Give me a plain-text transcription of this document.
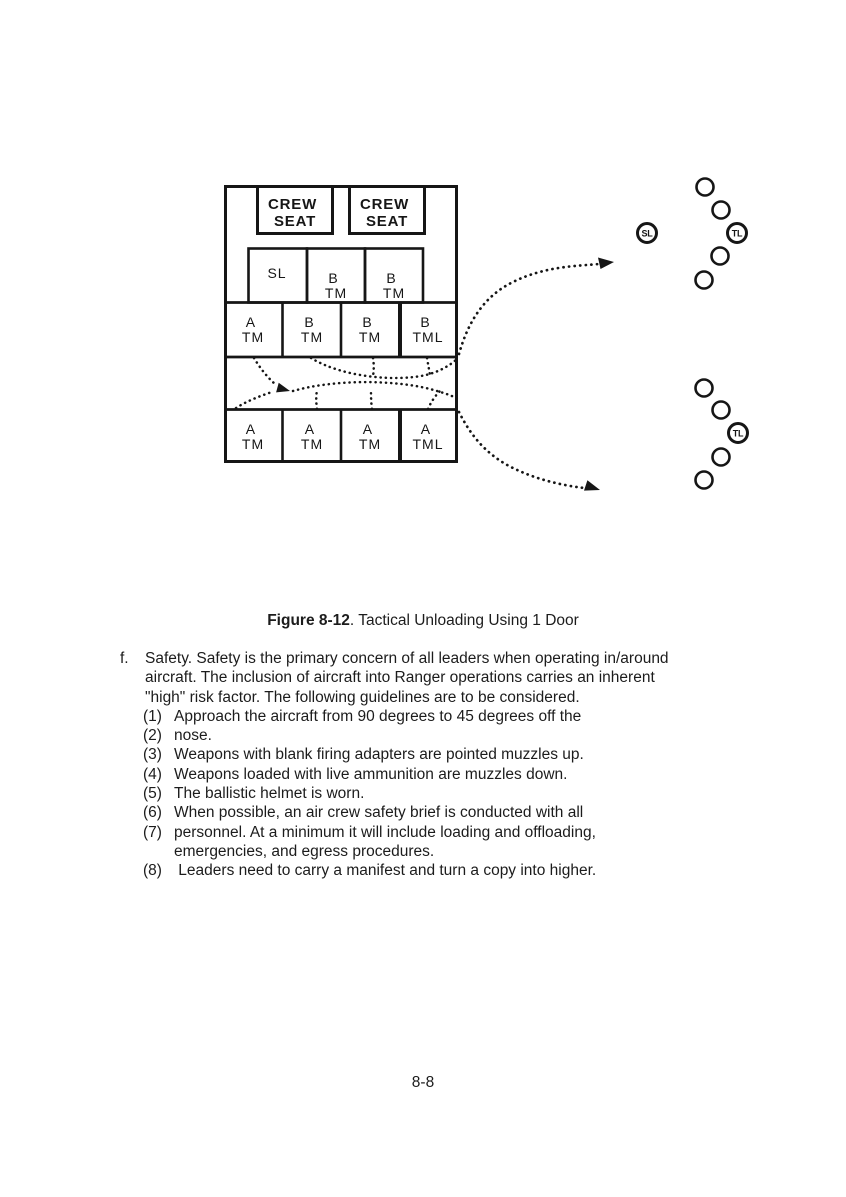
CREW SEAT
CREW SEAT
SL	B TM
B TM
A TM
B TM
B TM
B TML
A TM
A TM
A TM
A TML
SL	TL
TL
Figure 8-12. Tactical Unloading Using 1 Door
f.	Safety. Safety is the primary concern of all leaders when operating in/around
aircraft. The inclusion of aircraft into Ranger operations carries an inherent
"high" risk factor. The following guidelines are to be considered.
(1) Approach the aircraft from 90 degrees to 45 degrees off the
(2) nose.
(3) Weapons with blank firing adapters are pointed muzzles up.
(4) Weapons loaded with live ammunition are muzzles down.
(5) The ballistic helmet is worn.
(6) When possible, an air crew safety brief is conducted with all
(7) personnel. At a minimum it will include loading and offloading,
emergencies, and egress procedures.
(8) Leaders need to carry a manifest and turn a copy into higher.
8-8
